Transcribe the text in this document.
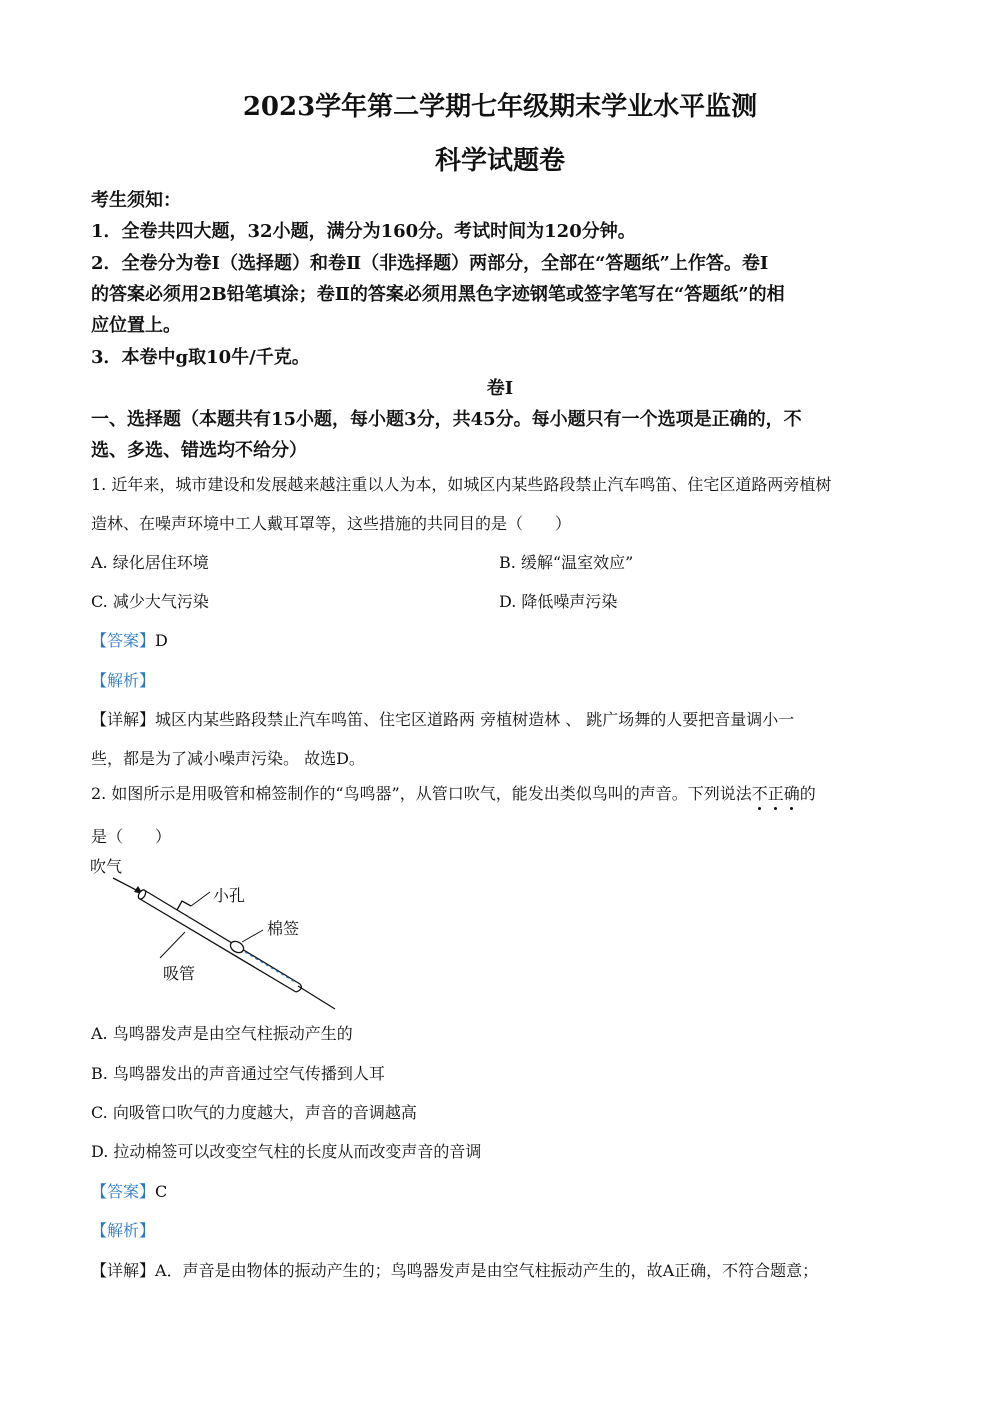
2023学年第二学期七年级期末学业水平监测
科学试题卷
考生须知：
1．全卷共四大题，32小题，满分为160分。考试时间为120分钟。
2．全卷分为卷Ⅰ（选择题）和卷Ⅱ（非选择题）两部分，全部在“答题纸”上作答。卷Ⅰ
的答案必须用2B铅笔填涂；卷Ⅱ的答案必须用黑色字迹钢笔或签字笔写在“答题纸”的相
应位置上。
3．本卷中g取10牛/千克。
卷Ⅰ
一、选择题（本题共有15小题，每小题3分，共45分。每小题只有一个选项是正确的，不
选、多选、错选均不给分）
1. 近年来，城市建设和发展越来越注重以人为本，如城区内某些路段禁止汽车鸣笛、住宅区道路两旁植树
造林、在噪声环境中工人戴耳罩等，这些措施的共同目的是（　　）
A. 绿化居住环境	B. 缓解“温室效应”
C. 减少大气污染	D. 降低噪声污染
【答案】D
【解析】
【详解】城区内某些路段禁止汽车鸣笛、住宅区道路两 旁植树造林 、 跳广场舞的人要把音量调小一
些，都是为了减小噪声污染。 故选D。
2. 如图所示是用吸管和棉签制作的“鸟鸣器”，从管口吹气，能发出类似鸟叫的声音。下列说法不正确的
是（　　）
吹气
小孔
棉签
吸管
A. 鸟鸣器发声是由空气柱振动产生的
B. 鸟鸣器发出的声音通过空气传播到人耳
C. 向吸管口吹气的力度越大，声音的音调越高
D. 拉动棉签可以改变空气柱的长度从而改变声音的音调
【答案】C
【解析】
【详解】A．声音是由物体的振动产生的；鸟鸣器发声是由空气柱振动产生的，故A正确，不符合题意；
